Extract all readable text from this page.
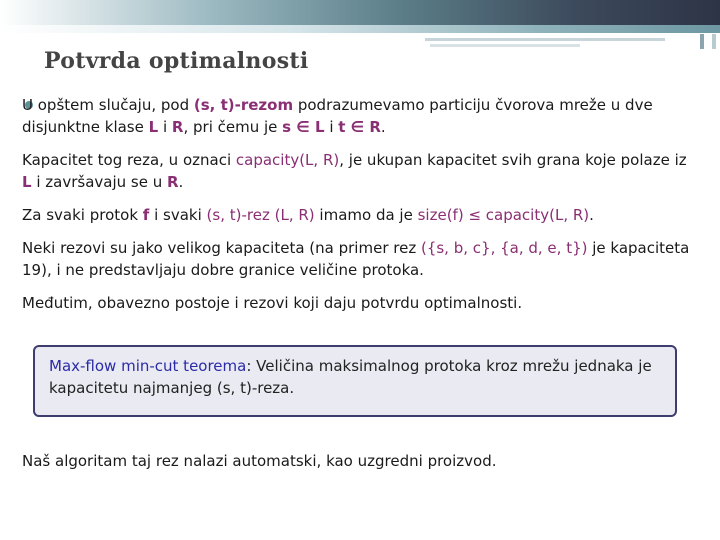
Potvrda optimalnosti

U opštem slučaju, pod (s, t)-rezom podrazumevamo particiju čvorova mreže u dve disjunktne klase L i R, pri čemu je s ∈ L i t ∈ R.

Kapacitet tog reza, u oznaci capacity(L, R), je ukupan kapacitet svih grana koje polaze iz L i završavaju se u R.

Za svaki protok f i svaki (s, t)-rez (L, R) imamo da je size(f) ≤ capacity(L, R).

Neki rezovi su jako velikog kapaciteta (na primer rez ({s, b, c}, {a, d, e, t}) je kapaciteta 19), i ne predstavljaju dobre granice veličine protoka.

Međutim, obavezno postoje i rezovi koji daju potvrdu optimalnosti.

Max-flow min-cut teorema: Veličina maksimalnog protoka kroz mrežu jednaka je kapacitetu najmanjeg (s, t)-reza.

Naš algoritam taj rez nalazi automatski, kao uzgredni proizvod.
